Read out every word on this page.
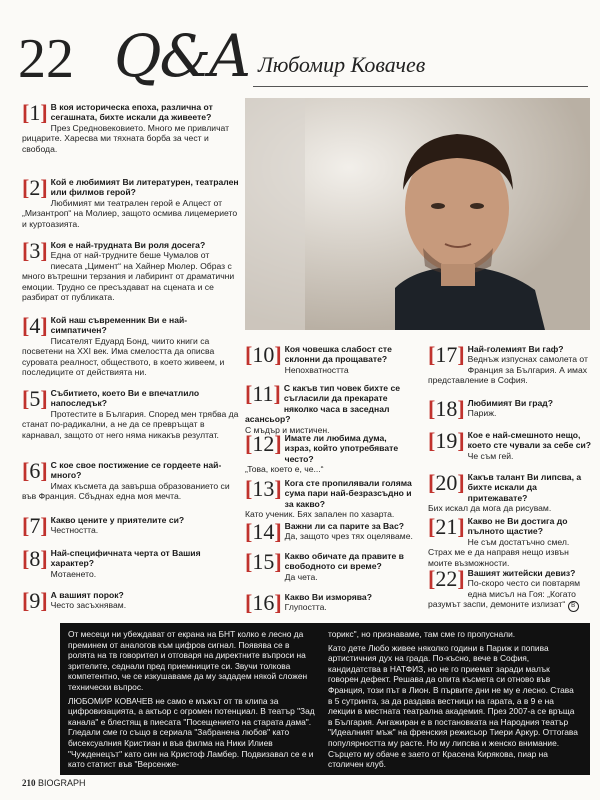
22 Q&A Любомир Ковачев
[1] В коя историческа епоха, различна от сегашната, бихте искали да живеете?
През Средновековието. Много ме привличат рицарите. Харесва ми тяхната борба за чест и свобода.
[2] Кой е любимият Ви литературен, театрален или филмов герой?
Любимият ми театрален герой е Алцест от „Мизантроп“ на Молиер, защото осмива лицемерието и куртоазията.
[3] Коя е най-трудната Ви роля досега?
Една от най-трудните беше Чумалов от пиесата „Цимент“ на Хайнер Мюлер. Образ с много вътрешни терзания и лабиринт от драматични емоции. Трудно се пресъздават на сцената и се разбират от публиката.
[4] Кой наш съвременник Ви е най-симпатичен?
Писателят Едуард Бонд, чиито книги са посветени на XXI век. Има смелостта да описва суровата реалност, обществото, в което живеем, и последиците от действията ни.
[5] Събитието, което Ви е впечатлило напоследък?
Протестите в България. Според мен трябва да станат по-радикални, а не да се превръщат в карнавал, защото от него няма никакъв резултат.
[6] С кое свое постижение се гордеете най-много?
Имах късмета да завърша образованието си във Франция. Сбъднах една моя мечта.
[7] Какво цените у приятелите си?
Честността.
[8] Най-специфичната черта от Вашия характер?
Мотаенето.
[9] А вашият порок?
Често засъхнявам.
[10] Коя човешка слабост сте склонни да прощавате?
Непохватността
[11] С какъв тип човек бихте се съгласили да прекарате няколко часа в заседнал асансьор?
С мъдър и мистичен.
[12] Имате ли любима дума, израз, който употребявате често?
„Това, което е, че...“
[13] Кога сте пропилявали голяма сума пари най-безразсъдно и за какво?
Като ученик. Бях запален по хазарта.
[14] Важни ли са парите за Вас?
Да, защото чрез тях оцеляваме.
[15] Какво обичате да правите в свободното си време?
Да чета.
[16] Какво Ви изморява?
Глупостта.
[17] Най-големият Ви гаф?
Веднъж изпуснах самолета от Франция за България. А имах представление в София.
[18] Любимият Ви град?
Париж.
[19] Кое е най-смешното нещо, което сте чували за себе си?
Че съм гей.
[20] Какъв талант Ви липсва, а бихте искали да притежавате?
Бих искал да мога да рисувам.
[21] Какво не Ви достига до пълното щастие?
Не съм достатъчно смел. Страх ме е да направя нещо извън моите възможности.
[22] Вашият житейски девиз?
По-скоро често си повтарям една мисъл на Гоя: „Когато разумът заспи, демоните излизат“ B

От месеци ни убеждават от екрана на БНТ колко е лесно да преминем от аналогов към цифров сигнал. Появява се в ролята на тв говорител и отговаря на директните въпроси на зрителите, седнали пред приемниците си. Звучи толкова компетентно, че се изкушаваме да му зададем някой сложен технически въпрос.

ЛЮБОМИР КОВАЧЕВ не само е мъжът от тв клипа за цифровизацията, а актьор с огромен потенциал. В театър "Зад канала" е блестящ в пиесата "Посещението на старата дама". Гледали сме го също в сериала "Забранена любов" като бисексуалния Кристиан и във филма на Ники Илиев "Чужденецът" като син на Кристоф Ламбер. Подвизавал се е и като статист във "Версенже-

торикс", но признаваме, там сме го пропуснали.

Като дете Любо живее няколко години в Париж и попива артистичния дух на града. По-късно, вече в София, кандидатства в НАТФИЗ, но не го приемат заради малък говорен дефект. Решава да опита късмета си отново във Франция, този път в Лион. В първите дни не му е лесно. Става в 5 сутринта, за да раздава вестници на гарата, а в 9 е на лекции в местната театрална академия. През 2007-а се връща в България. Ангажиран е в постановката на Народния театър "Идеалният мъж" на френския режисьор Тиери Аркур. Оттогава популярността му расте. Но му липсва и женско внимание. Сърцето му обаче е заето от Красена Кирякова, пиар на столичен клуб.

210 BIOGRAPH
